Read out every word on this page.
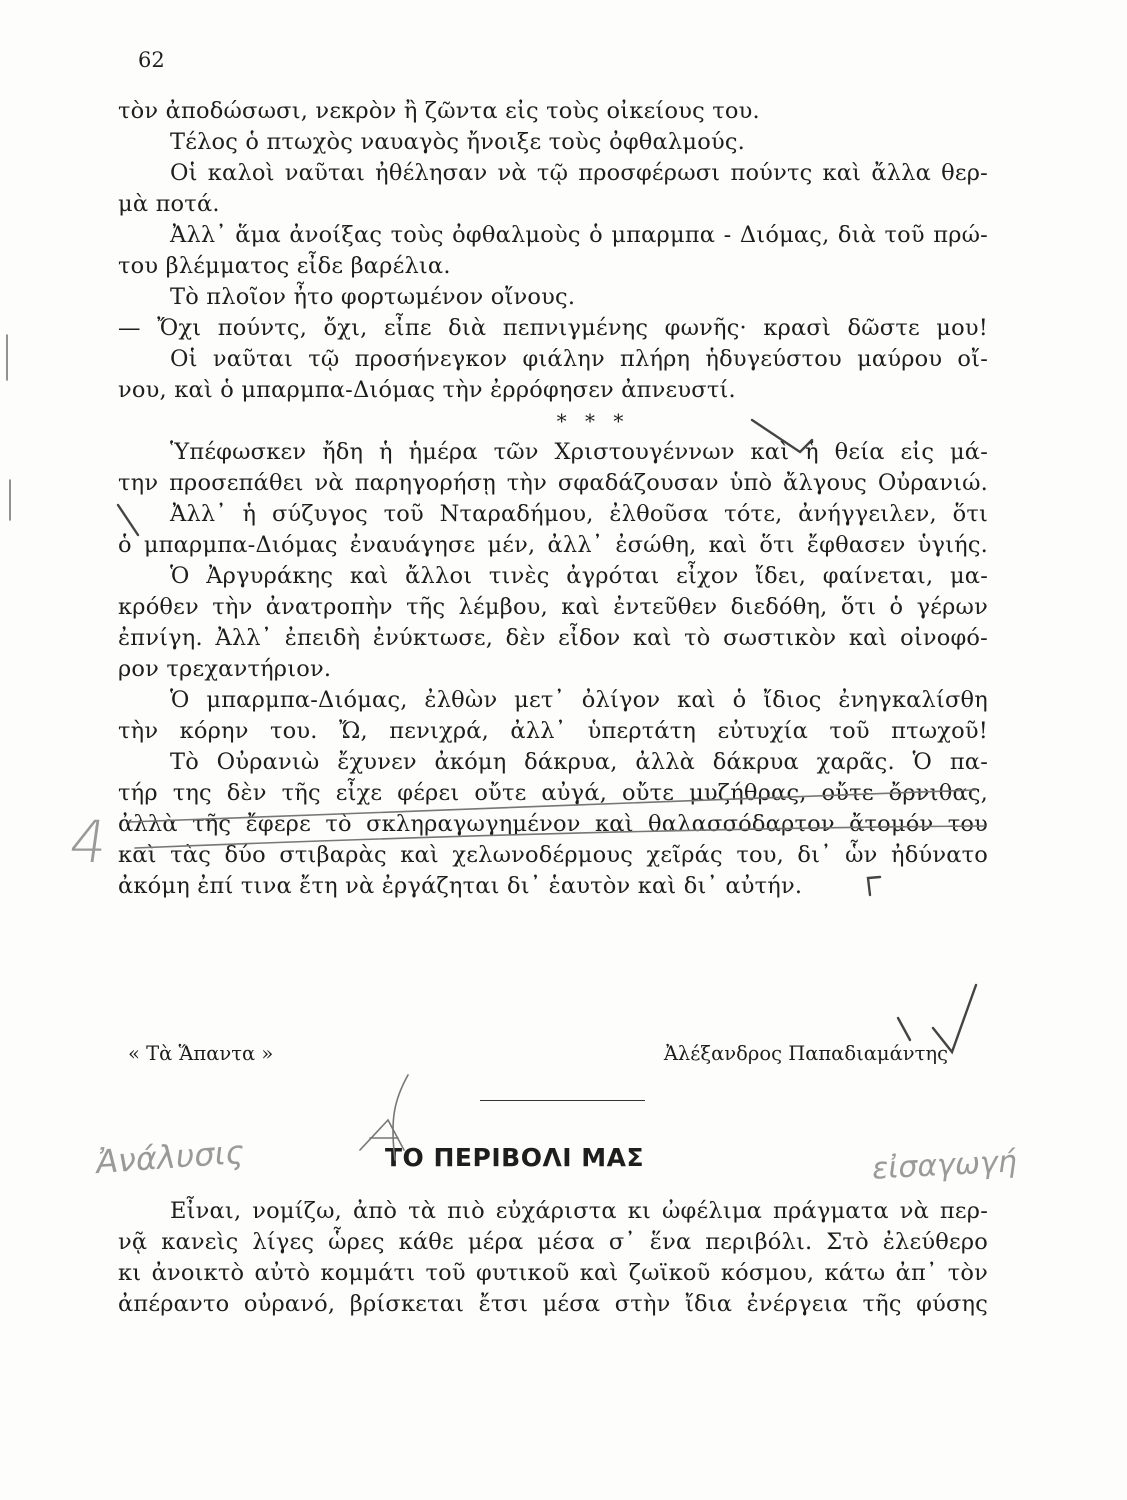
62
τὸν ἀποδώσωσι, νεκρὸν ἢ ζῶντα εἰς τοὺς οἰκείους του.
Τέλος ὁ πτωχὸς ναυαγὸς ἤνοιξε τοὺς ὀφθαλμούς.
Οἱ καλοὶ ναῦται ἠθέλησαν νὰ τῷ προσφέρωσι πούντς καὶ ἄλλα θερ-
μὰ ποτά.
Ἀλλ᾽ ἅμα ἀνοίξας τοὺς ὀφθαλμοὺς ὁ μπαρμπα - Διόμας, διὰ τοῦ πρώ-
του βλέμματος εἶδε βαρέλια.
Τὸ πλοῖον ἦτο φορτωμένον οἴνους.
— Ὄχι πούντς, ὄχι, εἶπε διὰ πεπνιγμένης φωνῆς· κρασὶ δῶστε μου!
Οἱ ναῦται τῷ προσήνεγκον φιάλην πλήρη ἡδυγεύστου μαύρου οἴ-
νου, καὶ ὁ μπαρμπα-Διόμας τὴν ἐρρόφησεν ἀπνευστί.
* * *
Ὑπέφωσκεν ἤδη ἡ ἡμέρα τῶν Χριστουγέννων καὶ ἡ θεία εἰς μά-
την προσεπάθει νὰ παρηγορήσῃ τὴν σφαδάζουσαν ὑπὸ ἄλγους Οὐρανιώ.
Ἀλλ᾽ ἡ σύζυγος τοῦ Νταραδήμου, ἐλθοῦσα τότε, ἀνήγγειλεν, ὅτι
ὁ μπαρμπα-Διόμας ἐναυάγησε μέν, ἀλλ᾽ ἐσώθη, καὶ ὅτι ἔφθασεν ὑγιής.
Ὁ Ἀργυράκης καὶ ἄλλοι τινὲς ἀγρόται εἶχον ἴδει, φαίνεται, μα-
κρόθεν τὴν ἀνατροπὴν τῆς λέμβου, καὶ ἐντεῦθεν διεδόθη, ὅτι ὁ γέρων
ἐπνίγη. Ἀλλ᾽ ἐπειδὴ ἐνύκτωσε, δὲν εἶδον καὶ τὸ σωστικὸν καὶ οἰνοφό-
ρον τρεχαντήριον.
Ὁ μπαρμπα-Διόμας, ἐλθὼν μετ᾽ ὀλίγον καὶ ὁ ἴδιος ἐνηγκαλίσθη
τὴν κόρην του. Ὤ, πενιχρά, ἀλλ᾽ ὑπερτάτη εὐτυχία τοῦ πτωχοῦ!
Τὸ Οὐρανιὼ ἔχυνεν ἀκόμη δάκρυα, ἀλλὰ δάκρυα χαρᾶς. Ὁ πα-
τήρ της δὲν τῆς εἶχε φέρει οὔτε αὐγά, οὔτε μυζήθρας, οὔτε ὄρνιθας,
ἀλλὰ τῆς ἔφερε τὸ σκληραγωγημένον καὶ θαλασσόδαρτον ἄτομόν του
καὶ τὰς δύο στιβαρὰς καὶ χελωνοδέρμους χεῖράς του, δι᾽ ὧν ἠδύνατο
ἀκόμη ἐπί τινα ἔτη νὰ ἐργάζηται δι᾽ ἑαυτὸν καὶ δι᾽ αὐτήν.
« Τὰ Ἅπαντα »	Ἀλέξανδρος Παπαδιαμάντης
ΤΟ ΠΕΡΙΒΟΛΙ ΜΑΣ
Εἶναι, νομίζω, ἀπὸ τὰ πιὸ εὐχάριστα κι ὠφέλιμα πράγματα νὰ περ-
νᾷ κανεὶς λίγες ὧρες κάθε μέρα μέσα σ᾽ ἕνα περιβόλι. Στὸ ἐλεύθερο
κι ἀνοικτὸ αὐτὸ κομμάτι τοῦ φυτικοῦ καὶ ζωϊκοῦ κόσμου, κάτω ἀπ᾽ τὸν
ἀπέραντο οὐρανό, βρίσκεται ἔτσι μέσα στὴν ἴδια ἐνέργεια τῆς φύσης
4
Ἀνάλυσις	εἰσαγωγή
